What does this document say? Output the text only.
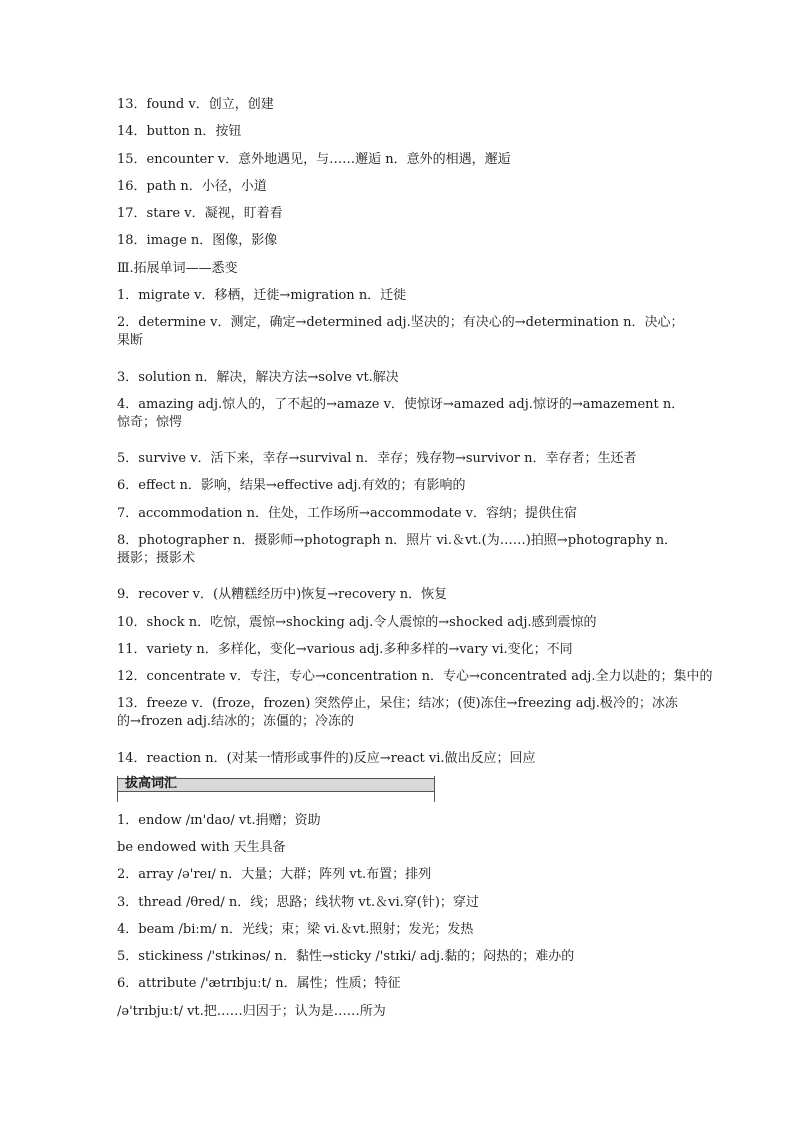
13．found v．创立，创建
14．button n．按钮
15．encounter v．意外地遇见，与……邂逅 n．意外的相遇，邂逅
16．path n．小径，小道
17．stare v．凝视，盯着看
18．image n．图像，影像
Ⅲ.拓展单词——悉变
1．migrate v．移栖，迁徙→migration n．迁徙
2．determine v．测定，确定→determined adj.坚决的；有决心的→determination n．决心；果断
3．solution n．解决，解决方法→solve vt.解决
4．amazing adj.惊人的，了不起的→amaze v．使惊讶→amazed adj.惊讶的→amazement n．惊奇；惊愕
5．survive v．活下来，幸存→survival n．幸存；残存物→survivor n．幸存者；生还者
6．effect n．影响，结果→effective adj.有效的；有影响的
7．accommodation n．住处，工作场所→accommodate v．容纳；提供住宿
8．photographer n．摄影师→photograph n．照片 vi.＆vt.(为……)拍照→photography n．摄影；摄影术
9．recover v．(从糟糕经历中)恢复→recovery n．恢复
10．shock n．吃惊，震惊→shocking adj.令人震惊的→shocked adj.感到震惊的
11．variety n．多样化，变化→various adj.多种多样的→vary vi.变化；不同
12．concentrate v．专注，专心→concentration n．专心→concentrated adj.全力以赴的；集中的
13．freeze v．(froze，frozen) 突然停止，呆住；结冰；(使)冻住→freezing adj.极冷的；冰冻的→frozen adj.结冰的；冻僵的；冷冻的
14．reaction n．(对某一情形或事件的)反应→react vi.做出反应；回应
拔高词汇
1．endow /ɪn'daʊ/ vt.捐赠；资助
be endowed with 天生具备
2．array /ə'reɪ/ n．大量；大群；阵列 vt.布置；排列
3．thread /θred/ n．线；思路；线状物 vt.＆vi.穿(针)；穿过
4．beam /biːm/ n．光线；束；梁 vi.＆vt.照射；发光；发热
5．stickiness /'stɪkinəs/ n．黏性→sticky /'stɪki/ adj.黏的；闷热的；难办的
6．attribute /'ætrɪbjuːt/ n．属性；性质；特征
/ə'trɪbjuːt/ vt.把……归因于；认为是……所为
